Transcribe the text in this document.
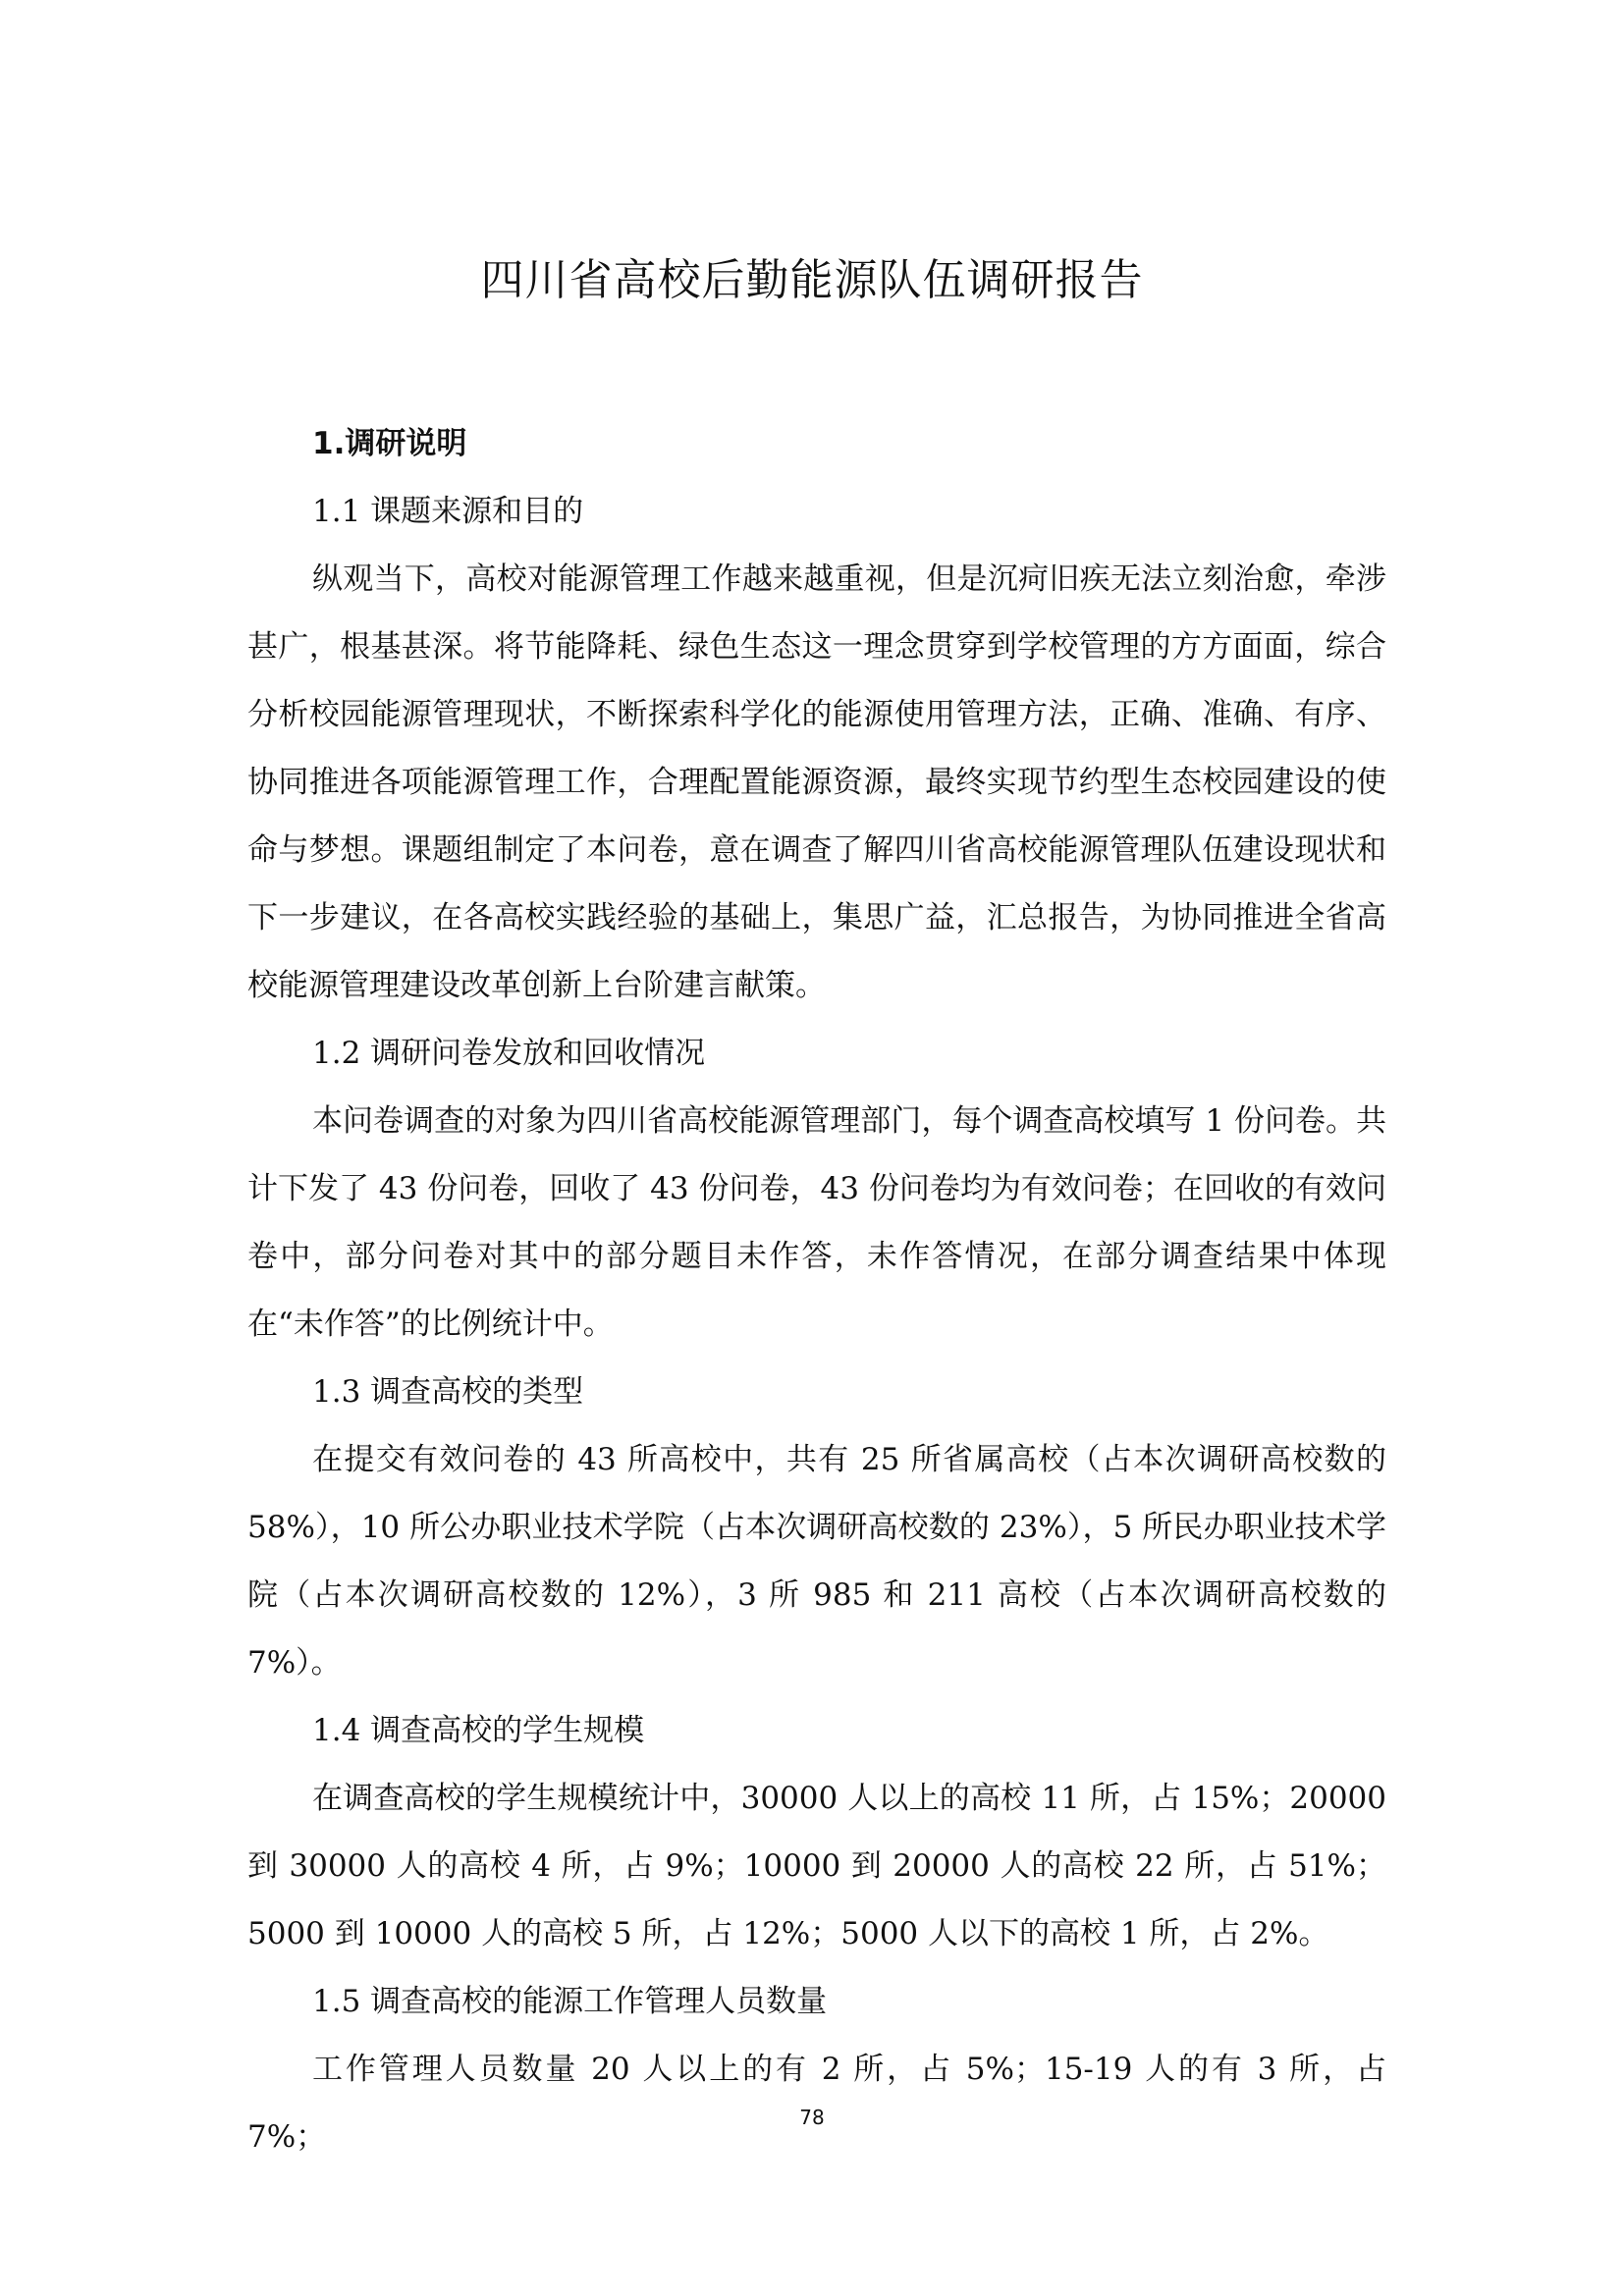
四川省高校后勤能源队伍调研报告
1.调研说明
1.1 课题来源和目的

纵观当下，高校对能源管理工作越来越重视，但是沉疴旧疾无法立刻治愈，牵涉甚广，根基甚深。将节能降耗、绿色生态这一理念贯穿到学校管理的方方面面，综合分析校园能源管理现状，不断探索科学化的能源使用管理方法，正确、准确、有序、协同推进各项能源管理工作，合理配置能源资源，最终实现节约型生态校园建设的使命与梦想。课题组制定了本问卷，意在调查了解四川省高校能源管理队伍建设现状和下一步建议，在各高校实践经验的基础上，集思广益，汇总报告，为协同推进全省高校能源管理建设改革创新上台阶建言献策。

1.2 调研问卷发放和回收情况

本问卷调查的对象为四川省高校能源管理部门，每个调查高校填写 1 份问卷。共计下发了 43 份问卷，回收了 43 份问卷，43 份问卷均为有效问卷；在回收的有效问卷中，部分问卷对其中的部分题目未作答，未作答情况，在部分调查结果中体现在“未作答”的比例统计中。

1.3 调查高校的类型

在提交有效问卷的 43 所高校中，共有 25 所省属高校（占本次调研高校数的 58%），10 所公办职业技术学院（占本次调研高校数的 23%），5 所民办职业技术学院（占本次调研高校数的 12%），3 所 985 和 211 高校（占本次调研高校数的 7%）。

1.4 调查高校的学生规模

在调查高校的学生规模统计中，30000 人以上的高校 11 所，占 15%；20000 到 30000 人的高校 4 所，占 9%；10000 到 20000 人的高校 22 所，占 51%；5000 到 10000 人的高校 5 所，占 12%；5000 人以下的高校 1 所，占 2%。

1.5 调查高校的能源工作管理人员数量

工作管理人员数量 20 人以上的有 2 所，占 5%；15-19 人的有 3 所，占 7%；

78
